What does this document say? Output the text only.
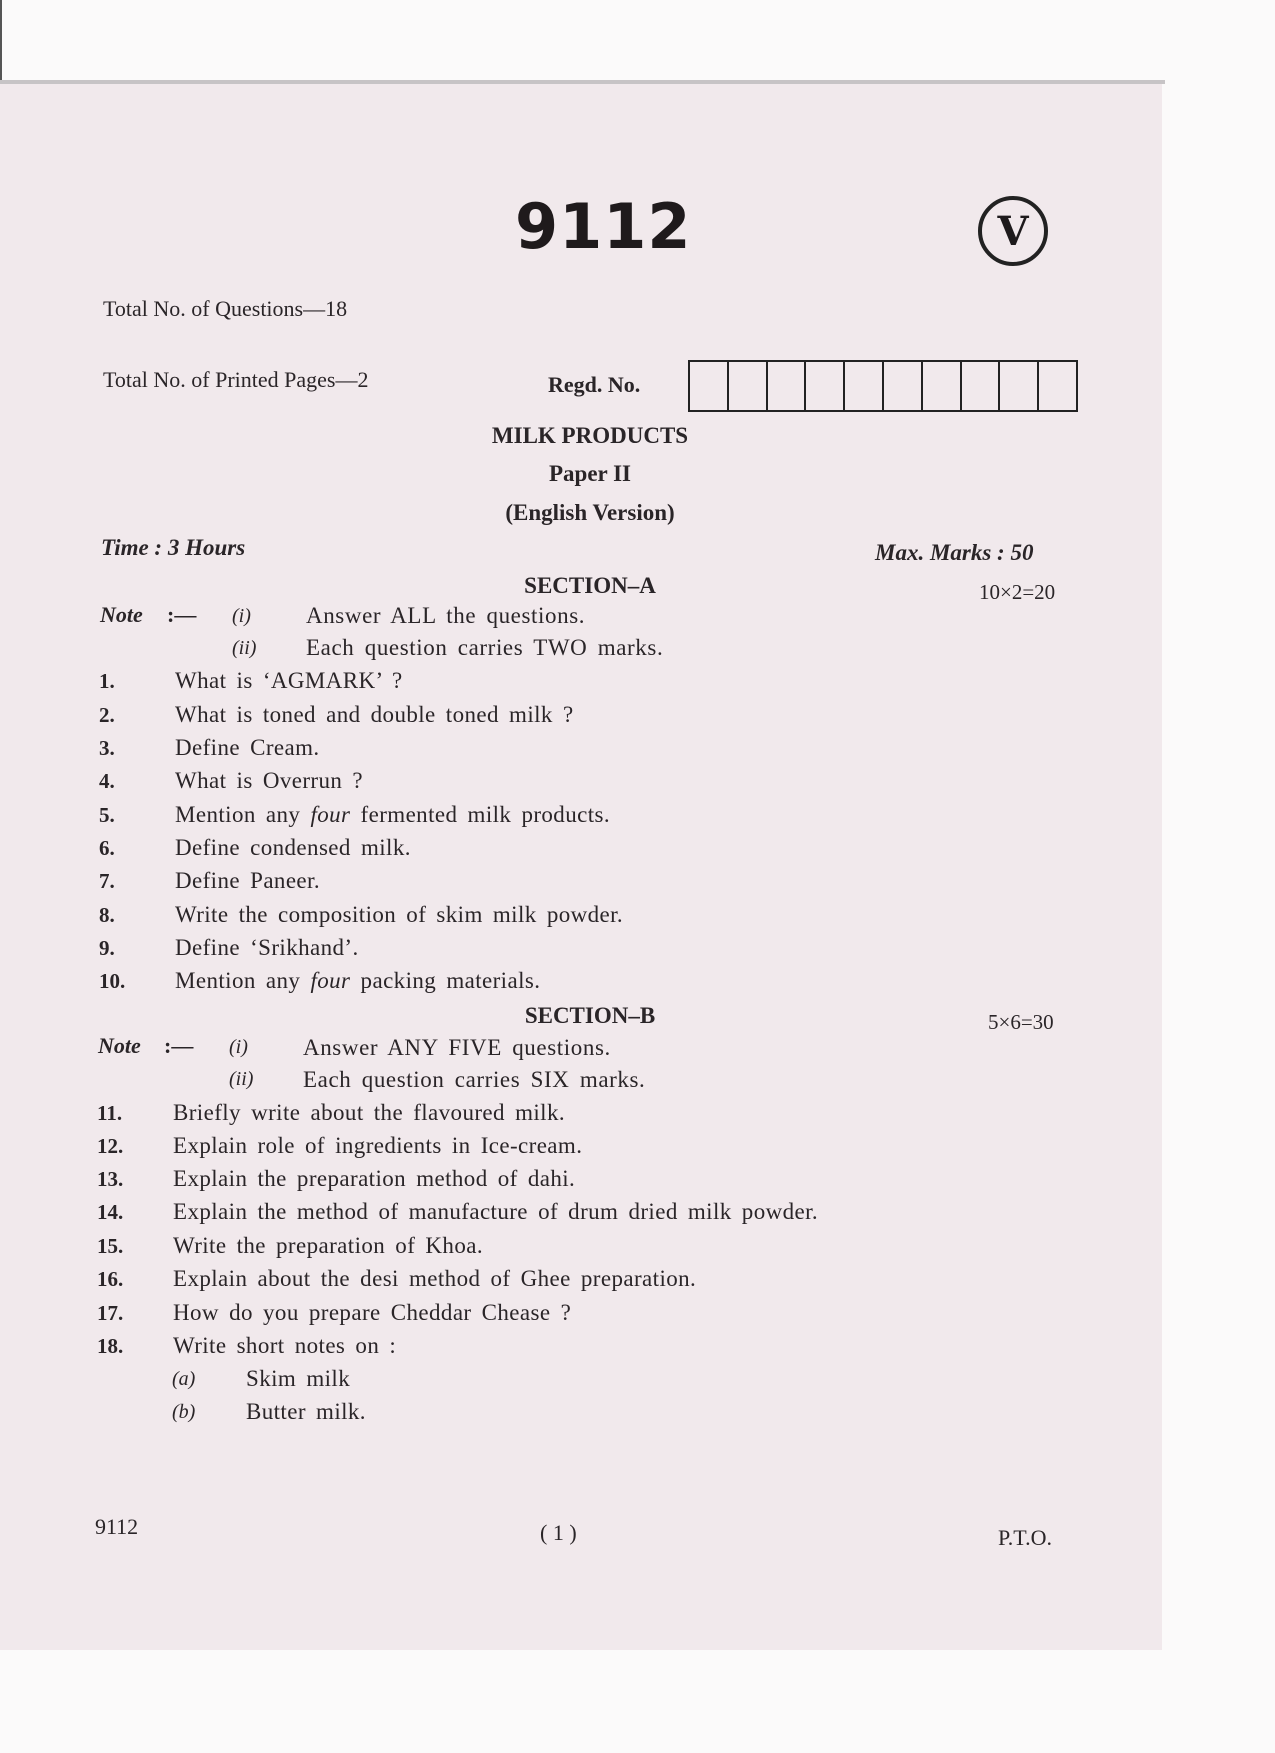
9112	V
Total No. of Questions—18
Total No. of Printed Pages—2	Regd. No.
MILK PRODUCTS
Paper II
(English Version)
Time : 3 Hours	Max. Marks : 50
SECTION–A	10×2=20
Note :— (i) Answer ALL the questions.
(ii) Each question carries TWO marks.
1.	What is ‘AGMARK’ ?
2.	What is toned and double toned milk ?
3.	Define Cream.
4.	What is Overrun ?
5.	Mention any four fermented milk products.
6.	Define condensed milk.
7.	Define Paneer.
8.	Write the composition of skim milk powder.
9.	Define ‘Srikhand’.
10. Mention any four packing materials.
SECTION–B	5×6=30
Note :— (i) Answer ANY FIVE questions.
(ii) Each question carries SIX marks.
11. Briefly write about the flavoured milk.
12. Explain role of ingredients in Ice-cream.
13. Explain the preparation method of dahi.
14. Explain the method of manufacture of drum dried milk powder.
15. Write the preparation of Khoa.
16. Explain about the desi method of Ghee preparation.
17. How do you prepare Cheddar Chease ?
18. Write short notes on :
(a) Skim milk
(b) Butter milk.
9112	( 1 )	P.T.O.
